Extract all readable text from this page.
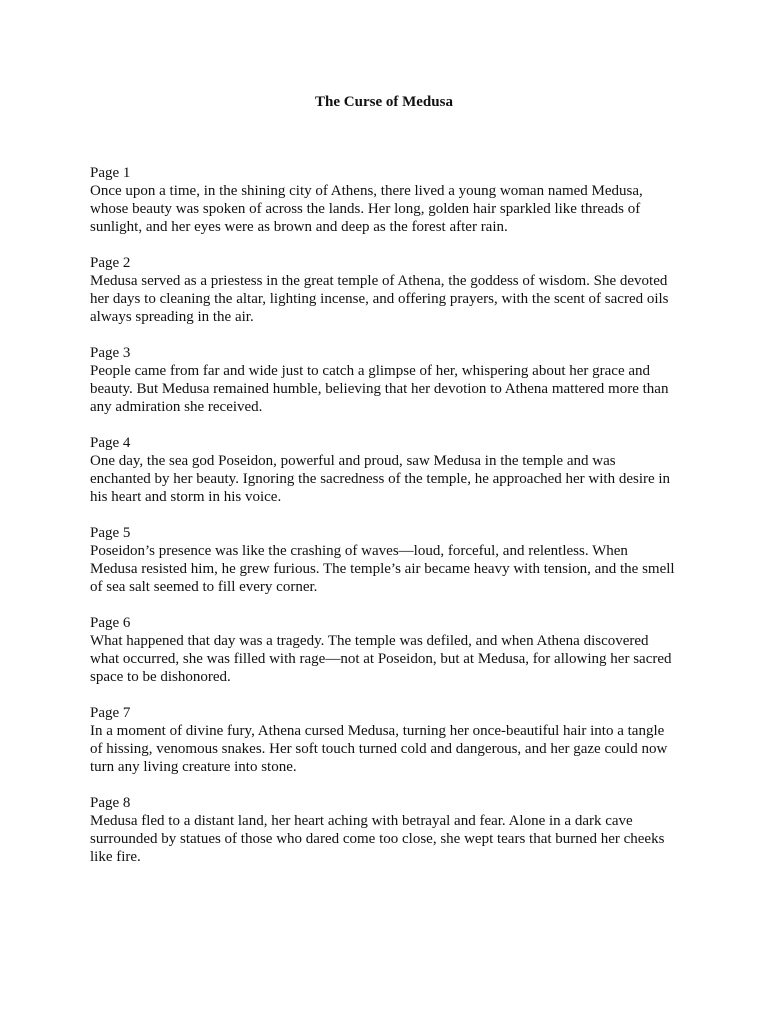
The Curse of Medusa

Page 1

Once upon a time, in the shining city of Athens, there lived a young woman named Medusa, whose beauty was spoken of across the lands. Her long, golden hair sparkled like threads of sunlight, and her eyes were as brown and deep as the forest after rain.

Page 2

Medusa served as a priestess in the great temple of Athena, the goddess of wisdom. She devoted her days to cleaning the altar, lighting incense, and offering prayers, with the scent of sacred oils always spreading in the air.

Page 3

People came from far and wide just to catch a glimpse of her, whispering about her grace and beauty. But Medusa remained humble, believing that her devotion to Athena mattered more than any admiration she received.

Page 4

One day, the sea god Poseidon, powerful and proud, saw Medusa in the temple and was enchanted by her beauty. Ignoring the sacredness of the temple, he approached her with desire in his heart and storm in his voice.

Page 5

Poseidon’s presence was like the crashing of waves—loud, forceful, and relentless. When Medusa resisted him, he grew furious. The temple’s air became heavy with tension, and the smell of sea salt seemed to fill every corner.

Page 6

What happened that day was a tragedy. The temple was defiled, and when Athena discovered what occurred, she was filled with rage—not at Poseidon, but at Medusa, for allowing her sacred space to be dishonored.

Page 7

In a moment of divine fury, Athena cursed Medusa, turning her once-beautiful hair into a tangle of hissing, venomous snakes. Her soft touch turned cold and dangerous, and her gaze could now turn any living creature into stone.

Page 8

Medusa fled to a distant land, her heart aching with betrayal and fear. Alone in a dark cave surrounded by statues of those who dared come too close, she wept tears that burned her cheeks like fire.
